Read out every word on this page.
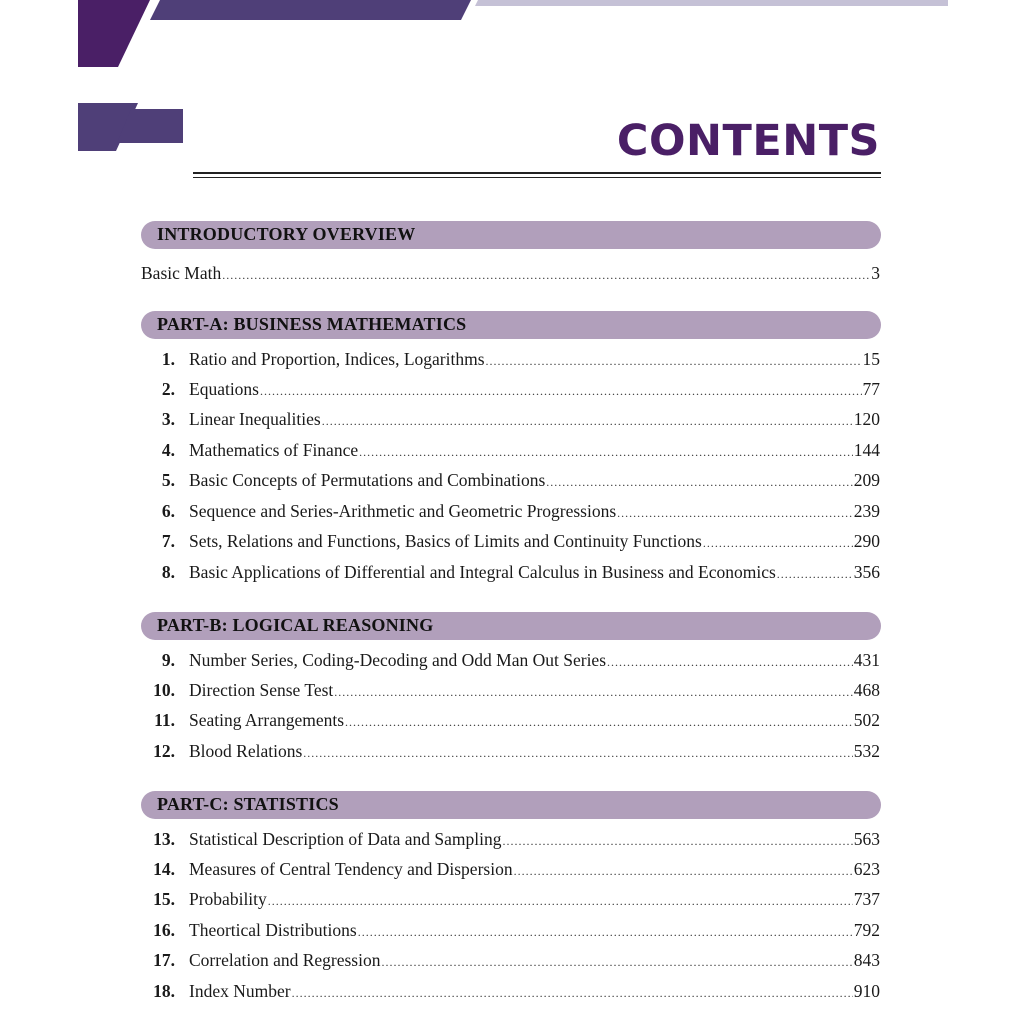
CONTENTS
INTRODUCTORY OVERVIEW
Basic Math .....	3
PART-A: BUSINESS MATHEMATICS
1. Ratio and Proportion, Indices, Logarithms .....	15
2. Equations .....	77
3. Linear Inequalities .....	120
4. Mathematics of Finance .....	144
5. Basic Concepts of Permutations and Combinations .....	209
6. Sequence and Series-Arithmetic and Geometric Progressions .....	239
7. Sets, Relations and Functions, Basics of Limits and Continuity Functions .....	290
8. Basic Applications of Differential and Integral Calculus in Business and Economics .....	356
PART-B: LOGICAL REASONING
9. Number Series, Coding-Decoding and Odd Man Out Series .....	431
10. Direction Sense Test .....	468
11. Seating Arrangements .....	502
12. Blood Relations .....	532
PART-C: STATISTICS
13. Statistical Description of Data and Sampling .....	563
14. Measures of Central Tendency and Dispersion .....	623
15. Probability .....	737
16. Theortical Distributions .....	792
17. Correlation and Regression .....	843
18. Index Number .....	910
